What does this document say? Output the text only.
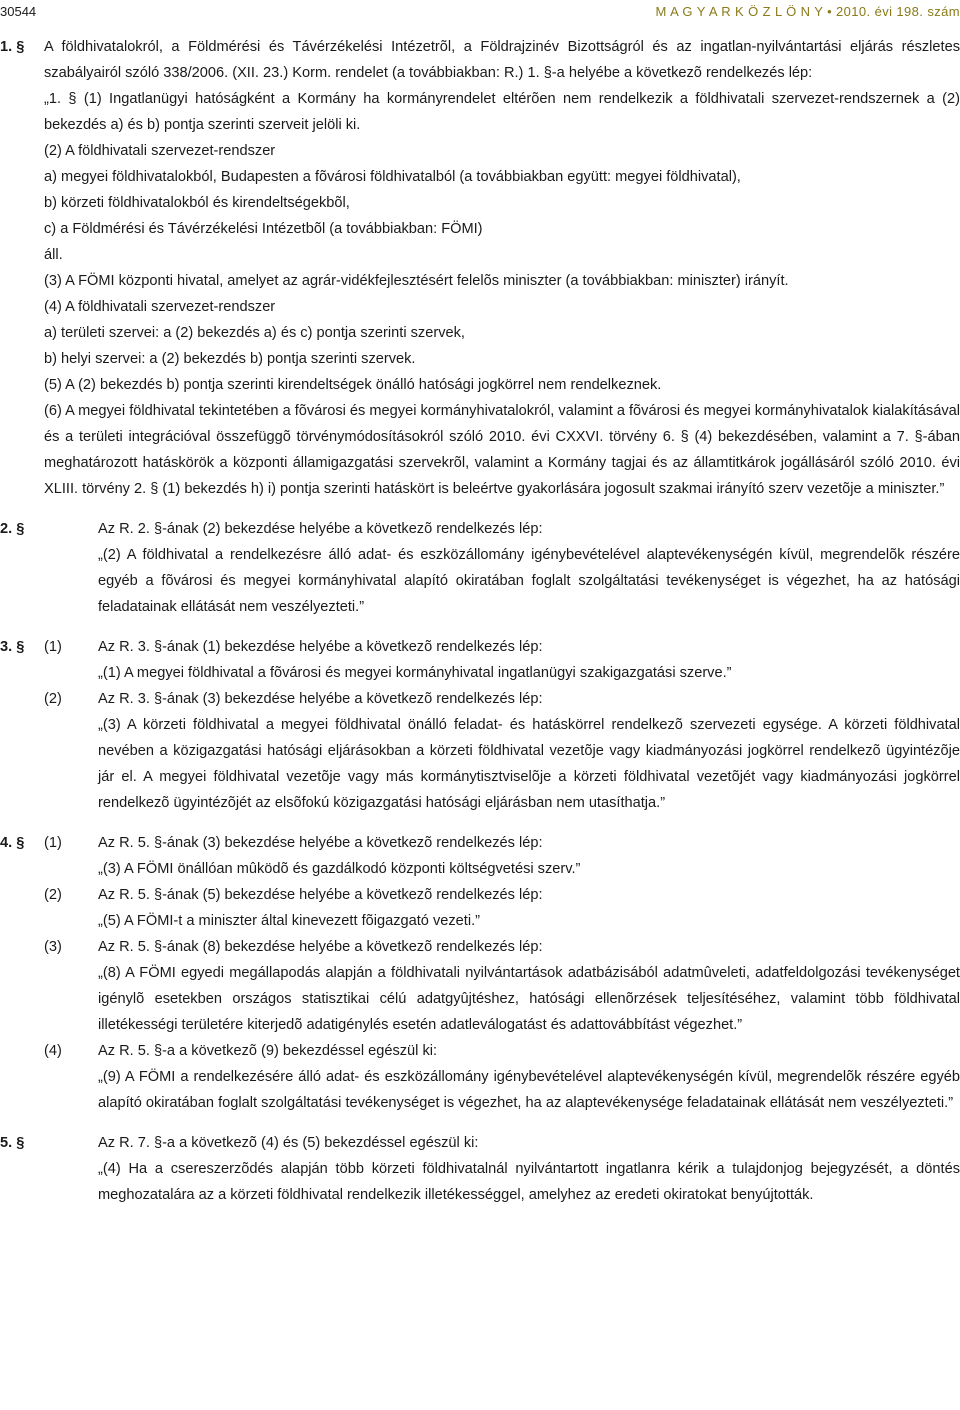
30544	M A G Y A R K Ö Z L Ö N Y • 2010. évi 198. szám
1. §	A földhivatalokról, a Földmérési és Távérzékelési Intézetrõl, a Földrajzinév Bizottságról és az ingatlan-nyilvántartási eljárás részletes szabályairól szóló 338/2006. (XII. 23.) Korm. rendelet (a továbbiakban: R.) 1. §-a helyébe a következõ rendelkezés lép:

„1. § (1) Ingatlanügyi hatóságként a Kormány ha kormányrendelet eltérõen nem rendelkezik a földhivatali szervezet-rendszernek a (2) bekezdés a) és b) pontja szerinti szerveit jelöli ki.

(2) A földhivatali szervezet-rendszer

a) megyei földhivatalokból, Budapesten a fõvárosi földhivatalból (a továbbiakban együtt: megyei földhivatal),

b) körzeti földhivatalokból és kirendeltségekbõl,

c) a Földmérési és Távérzékelési Intézetbõl (a továbbiakban: FÖMI)

áll.

(3) A FÖMI központi hivatal, amelyet az agrár-vidékfejlesztésért felelõs miniszter (a továbbiakban: miniszter) irányít.

(4) A földhivatali szervezet-rendszer

a) területi szervei: a (2) bekezdés a) és c) pontja szerinti szervek,

b) helyi szervei: a (2) bekezdés b) pontja szerinti szervek.

(5) A (2) bekezdés b) pontja szerinti kirendeltségek önálló hatósági jogkörrel nem rendelkeznek.

(6) A megyei földhivatal tekintetében a fõvárosi és megyei kormányhivatalokról, valamint a fõvárosi és megyei kormányhivatalok kialakításával és a területi integrációval összefüggõ törvénymódosításokról szóló 2010. évi CXXVI. törvény 6. § (4) bekezdésében, valamint a 7. §-ában meghatározott hatáskörök a központi államigazgatási szervekrõl, valamint a Kormány tagjai és az államtitkárok jogállásáról szóló 2010. évi XLIII. törvény 2. § (1) bekezdés h) i) pontja szerinti hatáskört is beleértve gyakorlására jogosult szakmai irányító szerv vezetõje a miniszter.”

2. §	Az R. 2. §-ának (2) bekezdése helyébe a következõ rendelkezés lép:

„(2) A földhivatal a rendelkezésre álló adat- és eszközállomány igénybevételével alaptevékenységén kívül, megrendelõk részére egyéb a fõvárosi és megyei kormányhivatal alapító okiratában foglalt szolgáltatási tevékenységet is végezhet, ha az hatósági feladatainak ellátását nem veszélyezteti.”

3. §	(1)	Az R. 3. §-ának (1) bekezdése helyébe a következõ rendelkezés lép:

„(1) A megyei földhivatal a fõvárosi és megyei kormányhivatal ingatlanügyi szakigazgatási szerve.”

(2)	Az R. 3. §-ának (3) bekezdése helyébe a következõ rendelkezés lép:

„(3) A körzeti földhivatal a megyei földhivatal önálló feladat- és hatáskörrel rendelkezõ szervezeti egysége. A körzeti földhivatal nevében a közigazgatási hatósági eljárásokban a körzeti földhivatal vezetõje vagy kiadmányozási jogkörrel rendelkezõ ügyintézõje jár el. A megyei földhivatal vezetõje vagy más kormánytisztviselõje a körzeti földhivatal vezetõjét vagy kiadmányozási jogkörrel rendelkezõ ügyintézõjét az elsõfokú közigazgatási hatósági eljárásban nem utasíthatja.”

4. §	(1)	Az R. 5. §-ának (3) bekezdése helyébe a következõ rendelkezés lép:

„(3) A FÖMI önállóan mûködõ és gazdálkodó központi költségvetési szerv.”

(2)	Az R. 5. §-ának (5) bekezdése helyébe a következõ rendelkezés lép:

„(5) A FÖMI-t a miniszter által kinevezett fõigazgató vezeti.”

(3)	Az R. 5. §-ának (8) bekezdése helyébe a következõ rendelkezés lép:

„(8) A FÖMI egyedi megállapodás alapján a földhivatali nyilvántartások adatbázisából adatmûveleti, adatfeldolgozási tevékenységet igénylõ esetekben országos statisztikai célú adatgyûjtéshez, hatósági ellenõrzések teljesítéséhez, valamint több földhivatal illetékességi területére kiterjedõ adatigénylés esetén adatleválogatást és adattovábbítást végezhet.”

(4)	Az R. 5. §-a a következõ (9) bekezdéssel egészül ki:

„(9) A FÖMI a rendelkezésére álló adat- és eszközállomány igénybevételével alaptevékenységén kívül, megrendelõk részére egyéb alapító okiratában foglalt szolgáltatási tevékenységet is végezhet, ha az alaptevékenysége feladatainak ellátását nem veszélyezteti.”

5. §	Az R. 7. §-a a következõ (4) és (5) bekezdéssel egészül ki:

„(4) Ha a csereszerzõdés alapján több körzeti földhivatalnál nyilvántartott ingatlanra kérik a tulajdonjog bejegyzését, a döntés meghozatalára az a körzeti földhivatal rendelkezik illetékességgel, amelyhez az eredeti okiratokat benyújtották.
